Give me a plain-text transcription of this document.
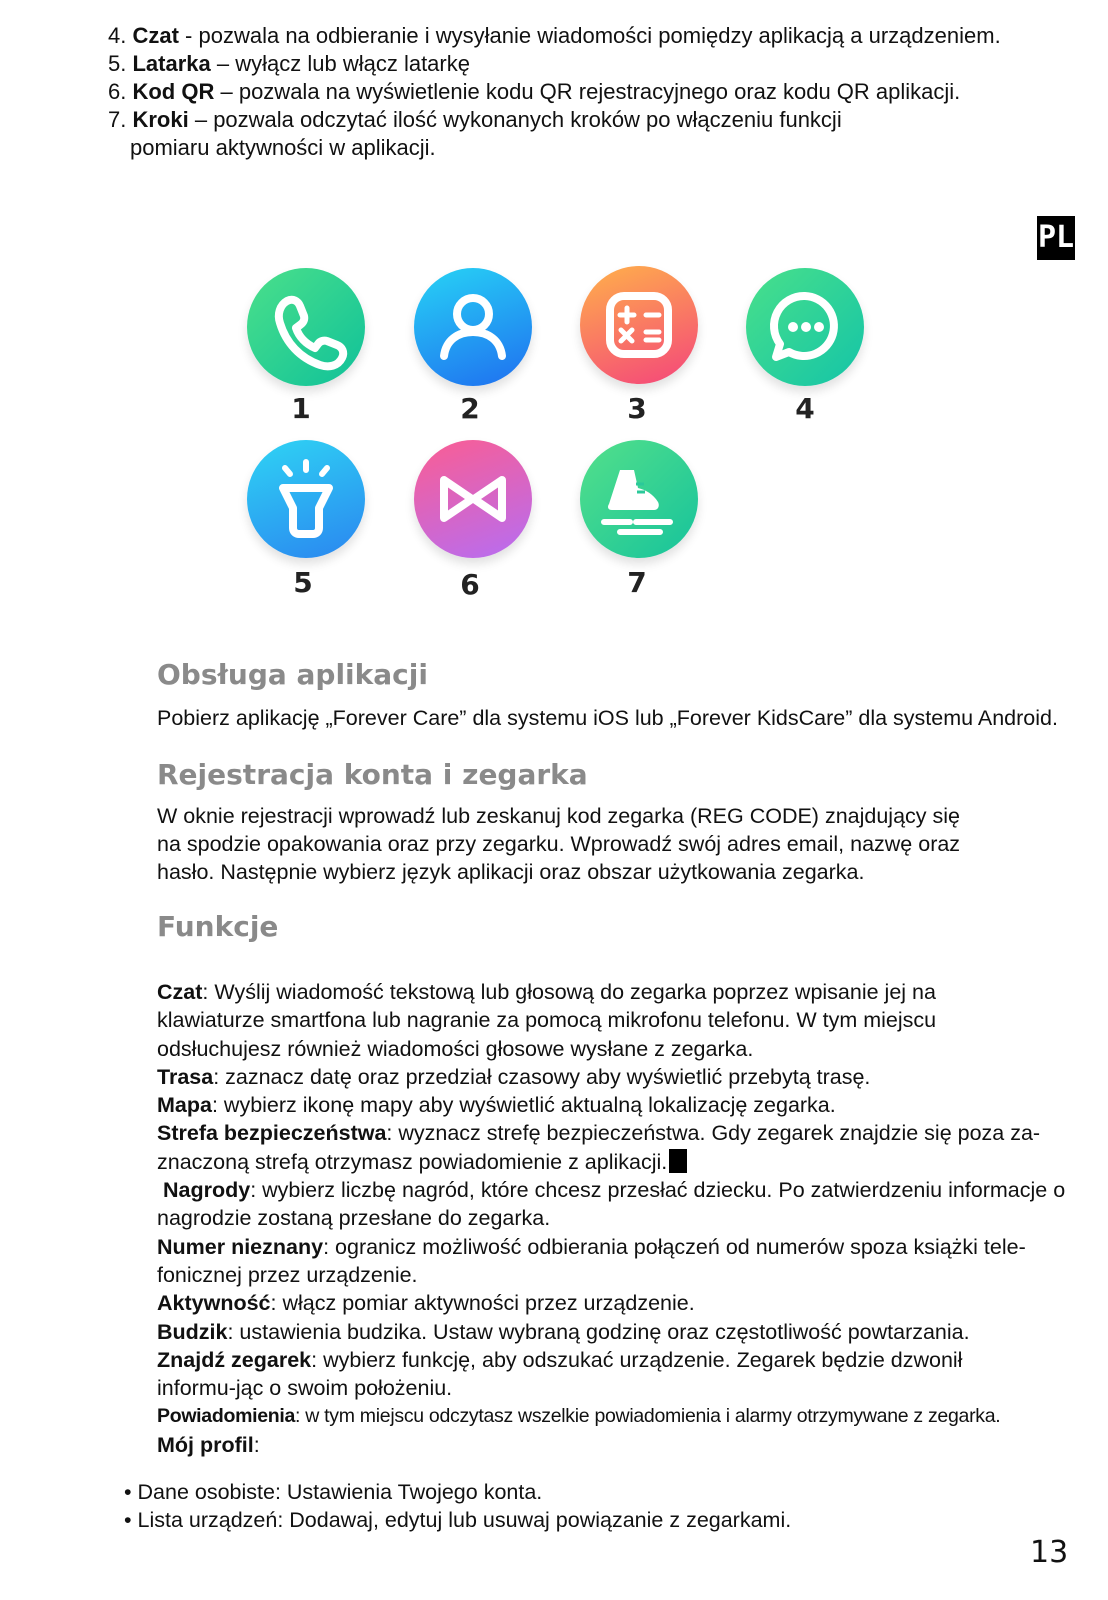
4. Czat - pozwala na odbieranie i wysyłanie wiadomości pomiędzy aplikacją a urządzeniem.
5. Latarka – wyłącz lub włącz latarkę
6. Kod QR – pozwala na wyświetlenie kodu QR rejestracyjnego oraz kodu QR aplikacji.
7. Kroki – pozwala odczytać ilość wykonanych kroków po włączeniu funkcji
pomiaru aktywności w aplikacji.
PL
1	2	3	4
5	6	7
Obsługa aplikacji
Pobierz aplikację „Forever Care” dla systemu iOS lub „Forever KidsCare” dla systemu Android.
Rejestracja konta i zegarka
W oknie rejestracji wprowadź lub zeskanuj kod zegarka (REG CODE) znajdujący się
na spodzie opakowania oraz przy zegarku. Wprowadź swój adres email, nazwę oraz
hasło. Następnie wybierz język aplikacji oraz obszar użytkowania zegarka.
Funkcje
Czat: Wyślij wiadomość tekstową lub głosową do zegarka poprzez wpisanie jej na klawiaturze smartfona lub nagranie za pomocą mikrofonu telefonu. W tym miejscu odsłuchujesz również wiadomości głosowe wysłane z zegarka.
Trasa: zaznacz datę oraz przedział czasowy aby wyświetlić przebytą trasę.
Mapa: wybierz ikonę mapy aby wyświetlić aktualną lokalizację zegarka.
Strefa bezpieczeństwa: wyznacz strefę bezpieczeństwa. Gdy zegarek znajdzie się poza za-znaczoną strefą otrzymasz powiadomienie z aplikacji.
Nagrody: wybierz liczbę nagród, które chcesz przesłać dziecku. Po zatwierdzeniu informacje o nagrodzie zostaną przesłane do zegarka.
Numer nieznany: ogranicz możliwość odbierania połączeń od numerów spoza książki tele-fonicznej przez urządzenie.
Aktywność: włącz pomiar aktywności przez urządzenie.
Budzik: ustawienia budzika. Ustaw wybraną godzinę oraz częstotliwość powtarzania.
Znajdź zegarek: wybierz funkcję, aby odszukać urządzenie. Zegarek będzie dzwonił informu-jąc o swoim położeniu.
Powiadomienia: w tym miejscu odczytasz wszelkie powiadomienia i alarmy otrzymywane z zegarka.
Mój profil:
• Dane osobiste: Ustawienia Twojego konta.
• Lista urządzeń: Dodawaj, edytuj lub usuwaj powiązanie z zegarkami.
13
